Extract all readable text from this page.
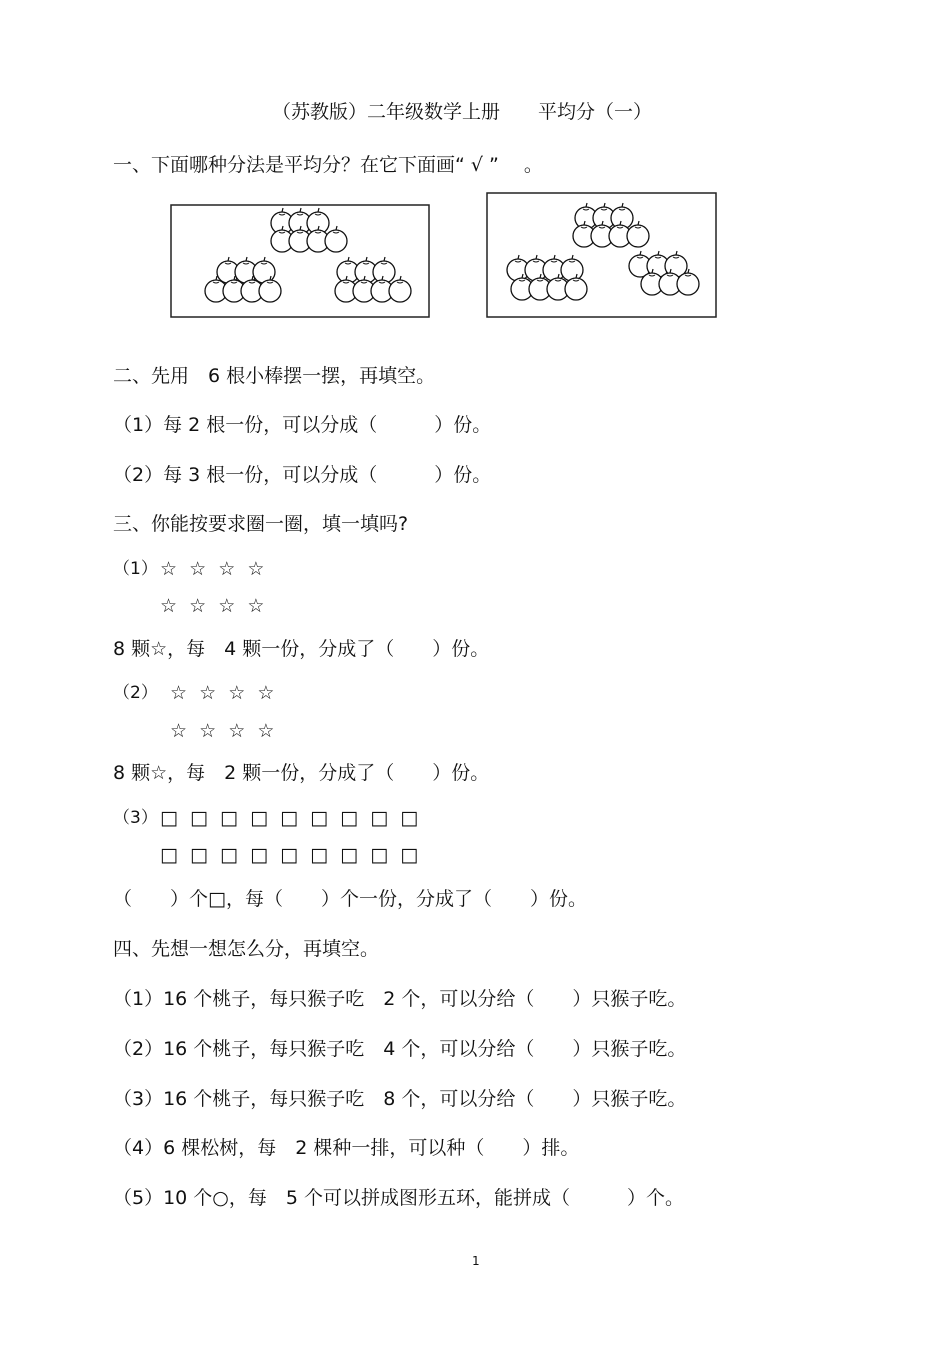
（苏教版）二年级数学上册　　平均分（一）
一、下面哪种分法是平均分？在它下面画“ √ ”　 。
二、先用　6 根小棒摆一摆，再填空。
（1）每 2 根一份，可以分成（　　　）份。
（2）每 3 根一份，可以分成（　　　）份。
三、你能按要求圈一圈，填一填吗?
（1） ☆  ☆  ☆  ☆
☆  ☆  ☆  ☆
8 颗☆，每　4 颗一份，分成了（　　）份。
（2） ☆  ☆  ☆  ☆
☆  ☆  ☆  ☆
8 颗☆，每　2 颗一份，分成了（　　）份。
（3） □  □  □  □  □  □  □  □  □
□  □  □  □  □  □  □  □  □
（　　）个□，每（　　）个一份，分成了（　　）份。
四、先想一想怎么分，再填空。
（1）16 个桃子，每只猴子吃　2 个，可以分给（　　）只猴子吃。
（2）16 个桃子，每只猴子吃　4 个，可以分给（　　）只猴子吃。
（3）16 个桃子，每只猴子吃　8 个，可以分给（　　）只猴子吃。
（4）6 棵松树，每　2 棵种一排，可以种（　　）排。
（5）10 个○，每　5 个可以拼成图形五环，能拼成（　　　）个。
1
